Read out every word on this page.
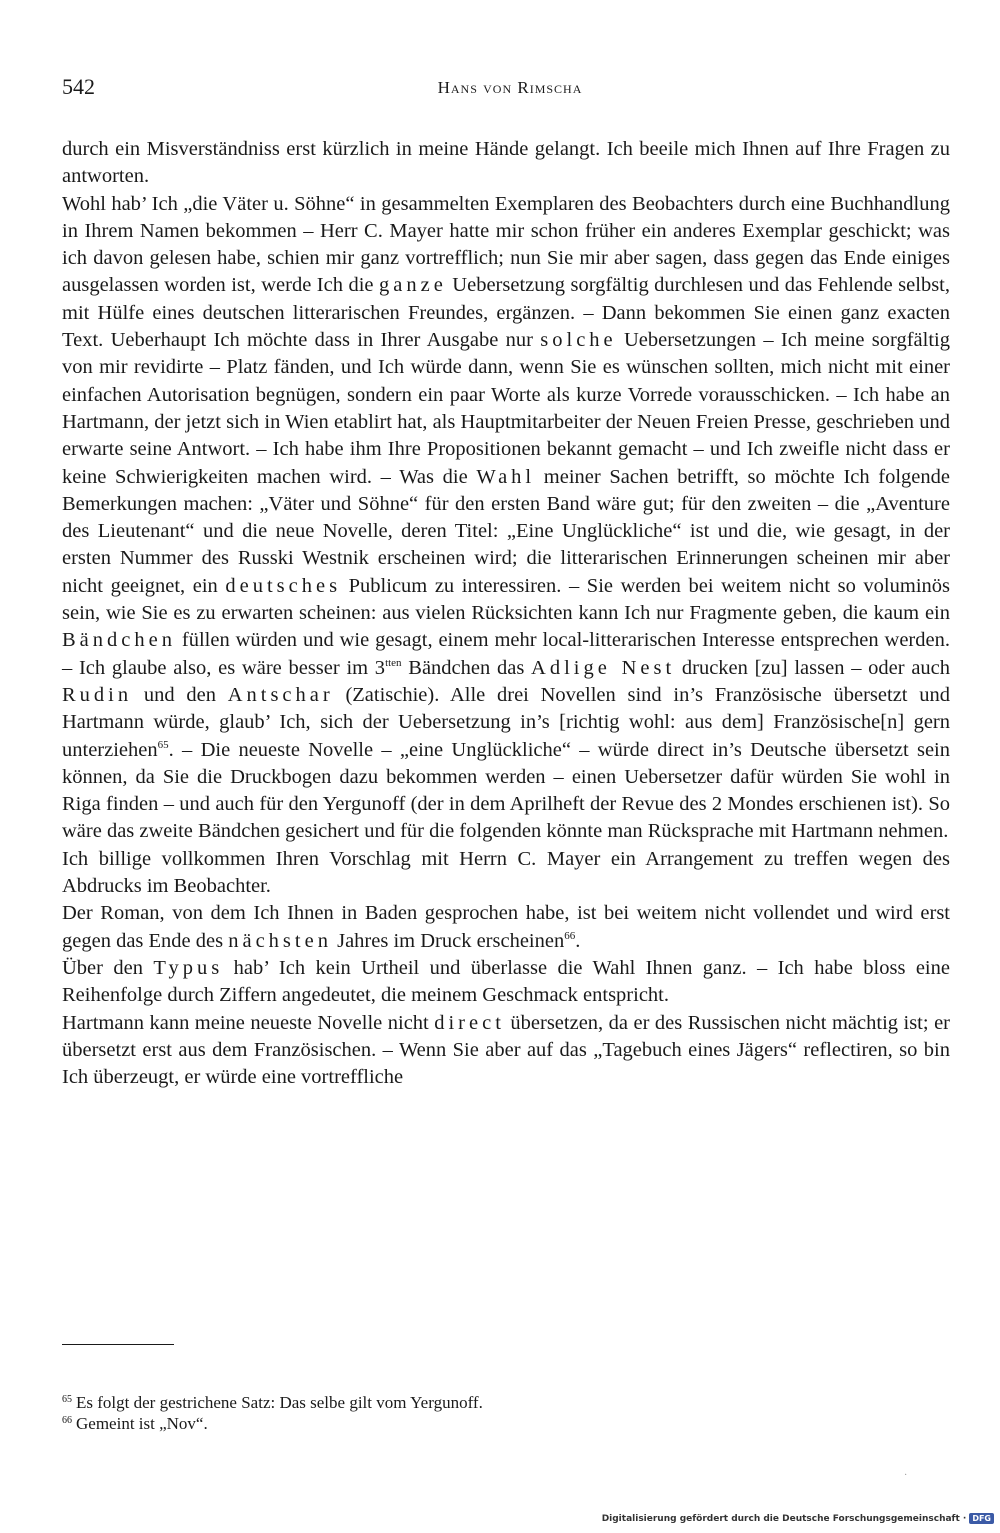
542	Hans von Rimscha

durch ein Misverständniss erst kürzlich in meine Hände gelangt. Ich beeile mich Ihnen auf Ihre Fragen zu antworten.

Wohl hab’ Ich „die Väter u. Söhne“ in gesammelten Exemplaren des Beobachters durch eine Buchhandlung in Ihrem Namen bekommen – Herr C. Mayer hatte mir schon früher ein anderes Exemplar geschickt; was ich davon gelesen habe, schien mir ganz vortrefflich; nun Sie mir aber sagen, dass gegen das Ende einiges ausgelassen worden ist, werde Ich die ganze Uebersetzung sorgfältig durchlesen und das Fehlende selbst, mit Hülfe eines deutschen litterarischen Freundes, ergänzen. – Dann bekommen Sie einen ganz exacten Text. Ueberhaupt Ich möchte dass in Ihrer Ausgabe nur solche Uebersetzungen – Ich meine sorgfältig von mir revidirte – Platz fänden, und Ich würde dann, wenn Sie es wünschen sollten, mich nicht mit einer einfachen Autorisation begnügen, sondern ein paar Worte als kurze Vorrede vorausschicken. – Ich habe an Hartmann, der jetzt sich in Wien etablirt hat, als Hauptmitarbeiter der Neuen Freien Presse, geschrieben und erwarte seine Antwort. – Ich habe ihm Ihre Propositionen bekannt gemacht – und Ich zweifle nicht dass er keine Schwierigkeiten machen wird. – Was die Wahl meiner Sachen betrifft, so möchte Ich folgende Bemerkungen machen: „Väter und Söhne“ für den ersten Band wäre gut; für den zweiten – die „Aventure des Lieutenant“ und die neue Novelle, deren Titel: „Eine Unglückliche“ ist und die, wie gesagt, in der ersten Nummer des Russki Westnik erscheinen wird; die litterarischen Erinnerungen scheinen mir aber nicht geeignet, ein deutsches Publicum zu interessiren. – Sie werden bei weitem nicht so voluminös sein, wie Sie es zu erwarten scheinen: aus vielen Rücksichten kann Ich nur Fragmente geben, die kaum ein Bändchen füllen würden und wie gesagt, einem mehr local-litterarischen Interesse entsprechen werden. – Ich glaube also, es wäre besser im $3^{tten}$ Bändchen das Adlige Nest drucken [zu] lassen – oder auch Rudin und den Antschar (Zatischie). Alle drei Novellen sind in’s Französische übersetzt und Hartmann würde, glaub’ Ich, sich der Uebersetzung in’s [richtig wohl: aus dem] Französische[n] gern unterziehen$^{65}$. – Die neueste Novelle – „eine Unglückliche“ – würde direct in’s Deutsche übersetzt sein können, da Sie die Druckbogen dazu bekommen werden – einen Uebersetzer dafür würden Sie wohl in Riga finden – und auch für den Yergunoff (der in dem Aprilheft der Revue des 2 Mondes erschienen ist). So wäre das zweite Bändchen gesichert und für die folgenden könnte man Rücksprache mit Hartmann nehmen.

Ich billige vollkommen Ihren Vorschlag mit Herrn C. Mayer ein Arrangement zu treffen wegen des Abdrucks im Beobachter.

Der Roman, von dem Ich Ihnen in Baden gesprochen habe, ist bei weitem nicht vollendet und wird erst gegen das Ende des nächsten Jahres im Druck erscheinen$^{66}$.

Über den Typus hab’ Ich kein Urtheil und überlasse die Wahl Ihnen ganz. – Ich habe bloss eine Reihenfolge durch Ziffern angedeutet, die meinem Geschmack entspricht.

Hartmann kann meine neueste Novelle nicht direct übersetzen, da er des Russischen nicht mächtig ist; er übersetzt erst aus dem Französischen. – Wenn Sie aber auf das „Tagebuch eines Jägers“ reflectiren, so bin Ich überzeugt, er würde eine vortreffliche

$^{65}$ Es folgt der gestrichene Satz: Das selbe gilt vom Yergunoff.
$^{66}$ Gemeint ist „Nov“.
·
Digitalisierung gefördert durch die Deutsche Forschungsgemeinschaft · DFG
